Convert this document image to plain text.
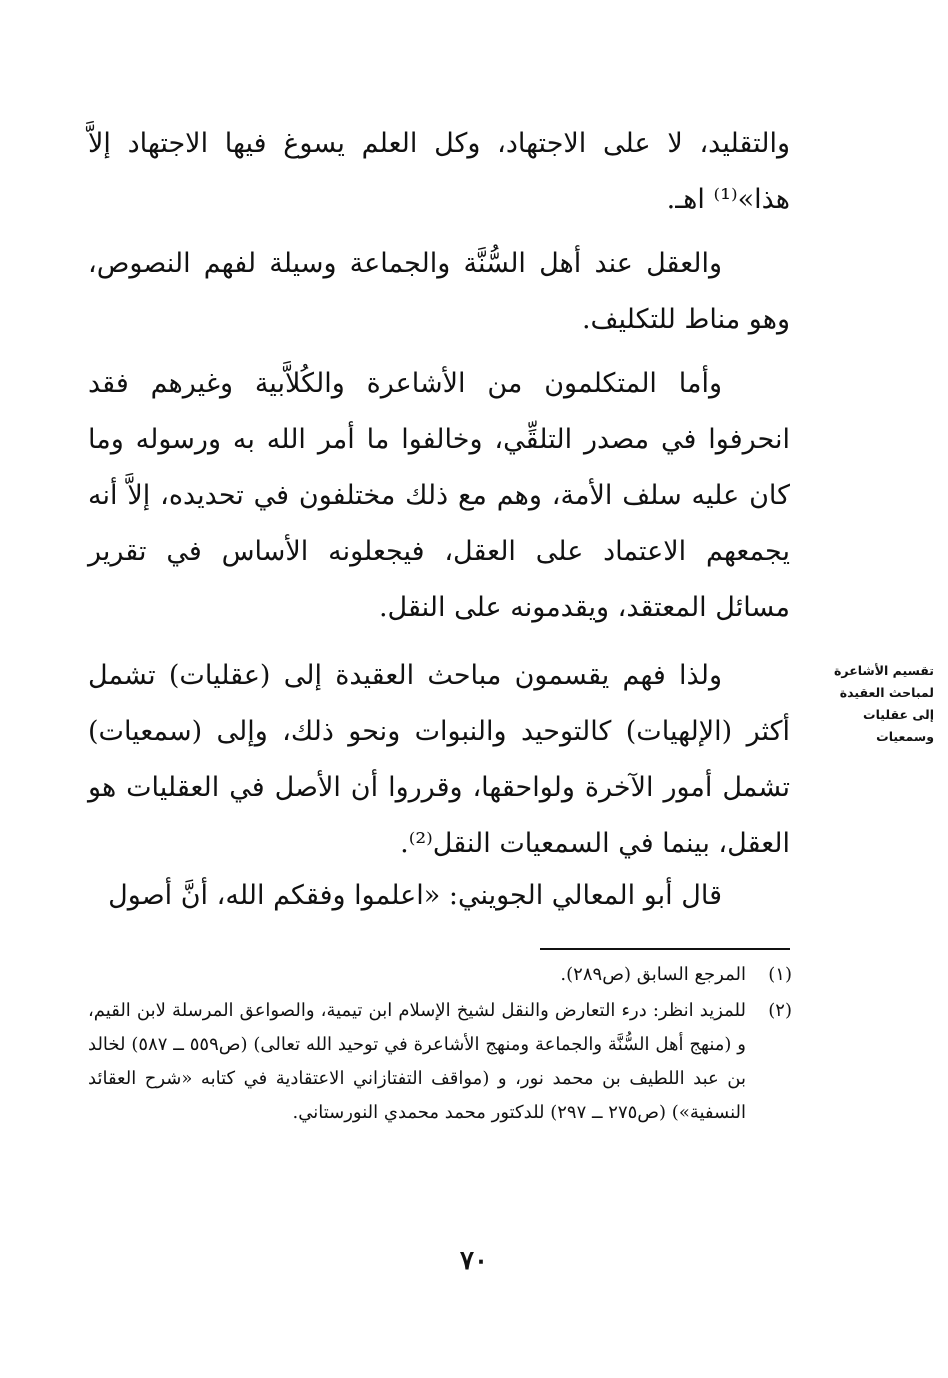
والتقليد، لا على الاجتهاد، وكل العلم يسوغ فيها الاجتهاد إلاَّ هذا»⁽¹⁾ اهـ.

والعقل عند أهل السُّنَّة والجماعة وسيلة لفهم النصوص، وهو مناط للتكليف.

وأما المتكلمون من الأشاعرة والكُلاَّبية وغيرهم فقد انحرفوا في مصدر التلقِّي، وخالفوا ما أمر الله به ورسوله وما كان عليه سلف الأمة، وهم مع ذلك مختلفون في تحديده، إلاَّ أنه يجمعهم الاعتماد على العقل، فيجعلونه الأساس في تقرير مسائل المعتقد، ويقدمونه على النقل.

ولذا فهم يقسمون مباحث العقيدة إلى (عقليات) تشمل أكثر (الإلهيات) كالتوحيد والنبوات ونحو ذلك، وإلى (سمعيات) تشمل أمور الآخرة ولواحقها، وقرروا أن الأصل في العقليات هو العقل، بينما في السمعيات النقل⁽²⁾.

قال أبو المعالي الجويني: «اعلموا وفقكم الله، أنَّ أصول

تقسيم الأشاعرة
لمباحث العقيدة
إلى عقليات
وسمعيات
(١)
المرجع السابق (ص٢٨٩).
(٢)
للمزيد انظر: درء التعارض والنقل لشيخ الإسلام ابن تيمية، والصواعق المرسلة لابن القيم، و (منهج أهل السُّنَّة والجماعة ومنهج الأشاعرة في توحيد الله تعالى) (ص٥٥٩ ــ ٥٨٧) لخالد بن عبد اللطيف بن محمد نور، و (مواقف التفتازاني الاعتقادية في كتابه «شرح العقائد النسفية») (ص٢٧٥ ــ ٢٩٧) للدكتور محمد محمدي النورستاني.
٧٠
